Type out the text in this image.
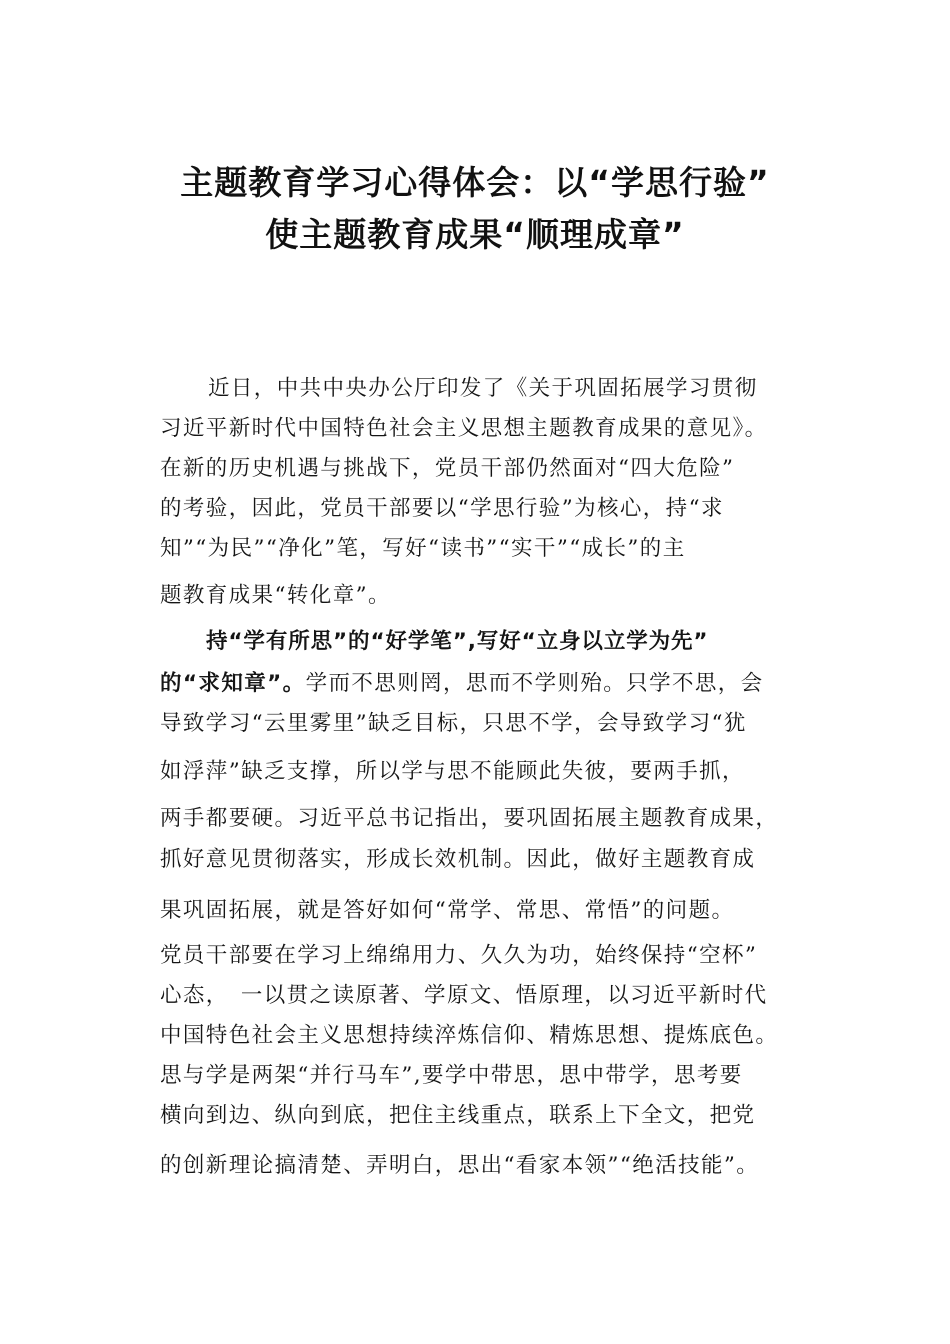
主题教育学习心得体会：以“学思行验”
使主题教育成果“顺理成章”
近日，中共中央办公厅印发了《关于巩固拓展学习贯彻
习近平新时代中国特色社会主义思想主题教育成果的意见》。
在新的历史机遇与挑战下，党员干部仍然面对“四大危险”
的考验，因此，党员干部要以“学思行验”为核心，持“求
知”“为民”“净化”笔，写好“读书”“实干”“成长”的主
题教育成果“转化章”。
持“学有所思”的“好学笔”,写好“立身以立学为先”
的“求知章”。学而不思则罔，思而不学则殆。只学不思，会
导致学习“云里雾里”缺乏目标，只思不学，会导致学习“犹
如浮萍”缺乏支撑，所以学与思不能顾此失彼，要两手抓，
两手都要硬。习近平总书记指出，要巩固拓展主题教育成果，
抓好意见贯彻落实，形成长效机制。因此，做好主题教育成
果巩固拓展，就是答好如何“常学、常思、常悟”的问题。
党员干部要在学习上绵绵用力、久久为功，始终保持“空杯”
心态，　一以贯之读原著、学原文、悟原理，以习近平新时代
中国特色社会主义思想持续淬炼信仰、精炼思想、提炼底色。
思与学是两架“并行马车”,要学中带思，思中带学，思考要
横向到边、纵向到底，把住主线重点，联系上下全文，把党
的创新理论搞清楚、弄明白，思出“看家本领”“绝活技能”。
